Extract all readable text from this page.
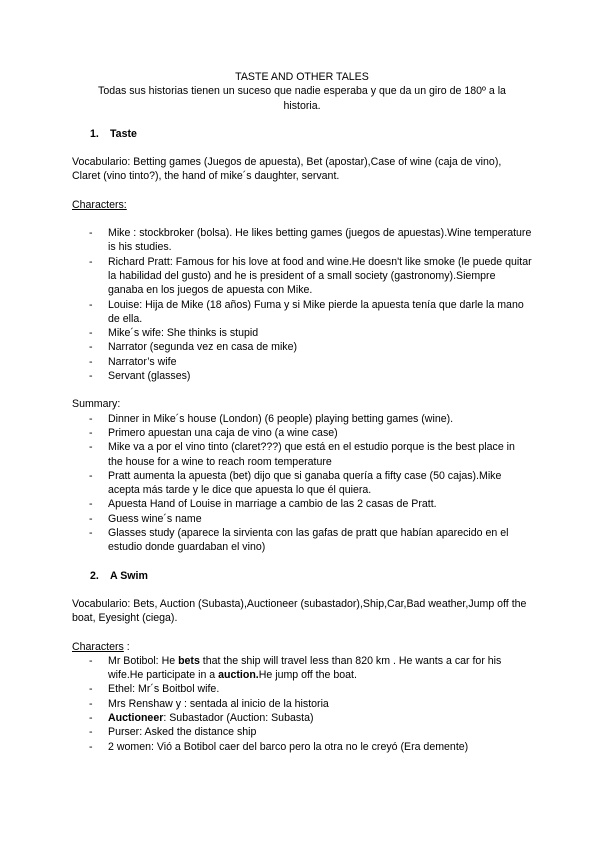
TASTE AND OTHER TALES
Todas sus historias tienen un suceso que nadie esperaba y que da un giro de 180º a la historia.
1. Taste
Vocabulario: Betting games (Juegos de apuesta), Bet (apostar),Case of wine (caja de vino), Claret (vino tinto?), the hand of mike´s daughter, servant.
Characters:
- Mike : stockbroker (bolsa). He likes betting games (juegos de apuestas).Wine temperature is his studies.
- Richard Pratt: Famous for his love at food and wine.He doesn't like smoke (le puede quitar la habilidad del gusto) and he is president of a small society (gastronomy).Siempre ganaba en los juegos de apuesta con Mike.
- Louise: Hija de Mike (18 años) Fuma y si Mike pierde la apuesta tenía que darle la mano de ella.
- Mike´s wife: She thinks is stupid
- Narrator (segunda vez en casa de mike)
- Narrator’s wife
- Servant (glasses)
Summary:
- Dinner in Mike´s house (London) (6 people) playing betting games (wine).
- Primero apuestan una caja de vino (a wine case)
- Mike va a por el vino tinto (claret???) que está en el estudio porque is the best place in the house for a wine to reach room temperature
- Pratt aumenta la apuesta (bet) dijo que si ganaba quería a fifty case (50 cajas).Mike acepta más tarde y le dice que apuesta lo que él quiera.
- Apuesta Hand of Louise in marriage a cambio de las 2 casas de Pratt.
- Guess wine´s name
- Glasses study (aparece la sirvienta con las gafas de pratt que habían aparecido en el estudio donde guardaban el vino)
2. A Swim
Vocabulario: Bets, Auction (Subasta),Auctioneer (subastador),Ship,Car,Bad weather,Jump off the boat, Eyesight (ciega).
Characters :
- Mr Botibol: He bets that the ship will travel less than 820 km . He wants a car for his wife.He participate in a auction.He jump off the boat.
- Ethel: Mr´s Boitbol wife.
- Mrs Renshaw y : sentada al inicio de la historia
- Auctioneer: Subastador (Auction: Subasta)
- Purser: Asked the distance ship
- 2 women: Vió a Botibol caer del barco pero la otra no le creyó (Era demente)
